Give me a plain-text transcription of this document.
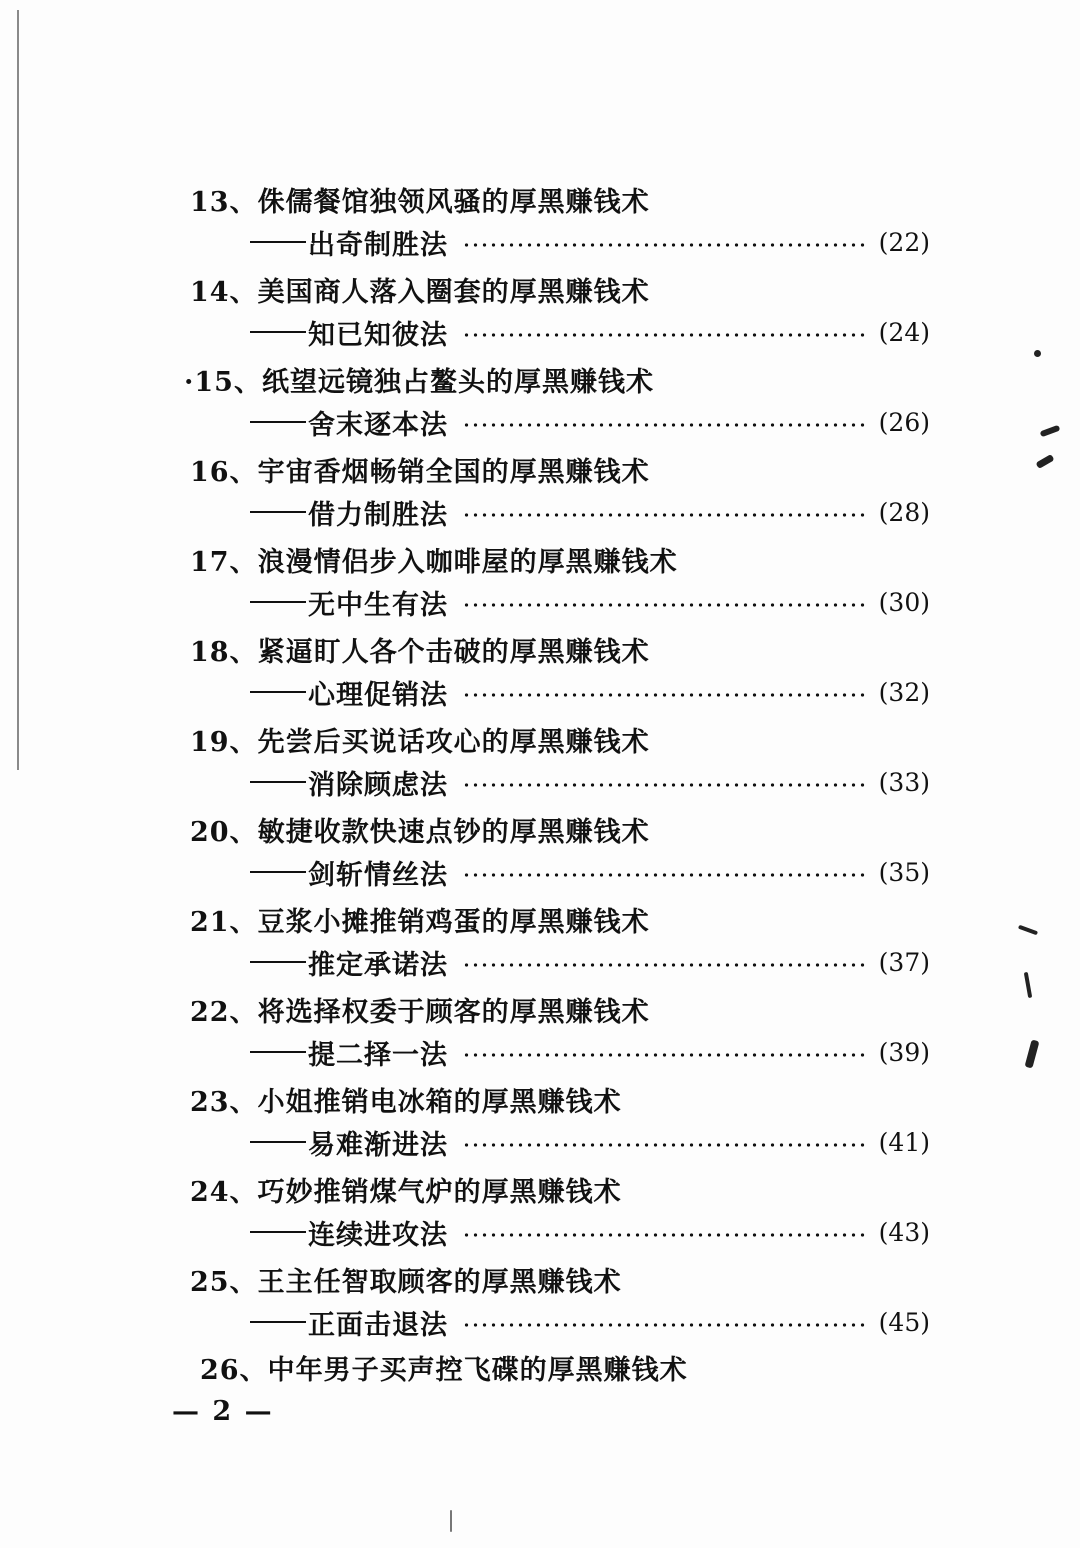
13、侏儒餐馆独领风骚的厚黑赚钱术
出奇制胜法	(22)
14、美国商人落入圈套的厚黑赚钱术
知已知彼法	(24)
·15、纸望远镜独占鳌头的厚黑赚钱术
舍末逐本法	(26)
16、宇宙香烟畅销全国的厚黑赚钱术
借力制胜法	(28)
17、浪漫情侣步入咖啡屋的厚黑赚钱术
无中生有法	(30)
18、紧逼盯人各个击破的厚黑赚钱术
心理促销法	(32)
19、先尝后买说话攻心的厚黑赚钱术
消除顾虑法	(33)
20、敏捷收款快速点钞的厚黑赚钱术
剑斩情丝法	(35)
21、豆浆小摊推销鸡蛋的厚黑赚钱术
推定承诺法	(37)
22、将选择权委于顾客的厚黑赚钱术
提二择一法	(39)
23、小姐推销电冰箱的厚黑赚钱术
易难渐进法	(41)
24、巧妙推销煤气炉的厚黑赚钱术
连续进攻法	(43)
25、王主任智取顾客的厚黑赚钱术
正面击退法	(45)
26、中年男子买声控飞碟的厚黑赚钱术
— 2 —
